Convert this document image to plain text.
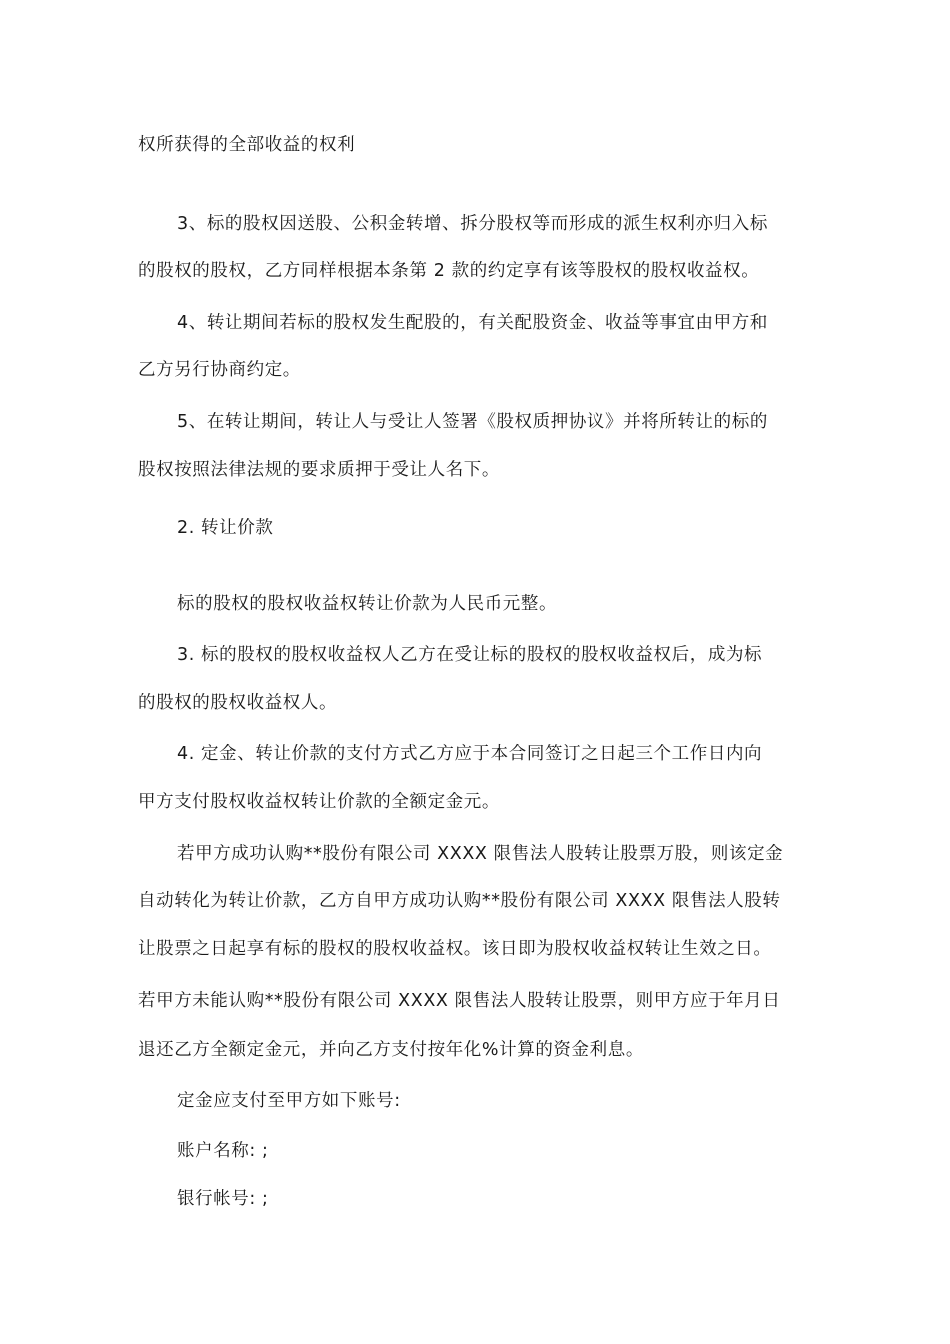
权所获得的全部收益的权利
3、标的股权因送股、公积金转增、拆分股权等而形成的派生权利亦归入标
的股权的股权，乙方同样根据本条第 2 款的约定享有该等股权的股权收益权。
4、转让期间若标的股权发生配股的，有关配股资金、收益等事宜由甲方和
乙方另行协商约定。
5、在转让期间，转让人与受让人签署《股权质押协议》并将所转让的标的
股权按照法律法规的要求质押于受让人名下。
2. 转让价款
标的股权的股权收益权转让价款为人民币元整。
3. 标的股权的股权收益权人乙方在受让标的股权的股权收益权后，成为标
的股权的股权收益权人。
4. 定金、转让价款的支付方式乙方应于本合同签订之日起三个工作日内向
甲方支付股权收益权转让价款的全额定金元。
若甲方成功认购**股份有限公司 XXXX 限售法人股转让股票万股，则该定金
自动转化为转让价款，乙方自甲方成功认购**股份有限公司 XXXX 限售法人股转
让股票之日起享有标的股权的股权收益权。该日即为股权收益权转让生效之日。
若甲方未能认购**股份有限公司 XXXX 限售法人股转让股票，则甲方应于年月日
退还乙方全额定金元，并向乙方支付按年化%计算的资金利息。
定金应支付至甲方如下账号:
账户名称: ;
银行帐号: ;
